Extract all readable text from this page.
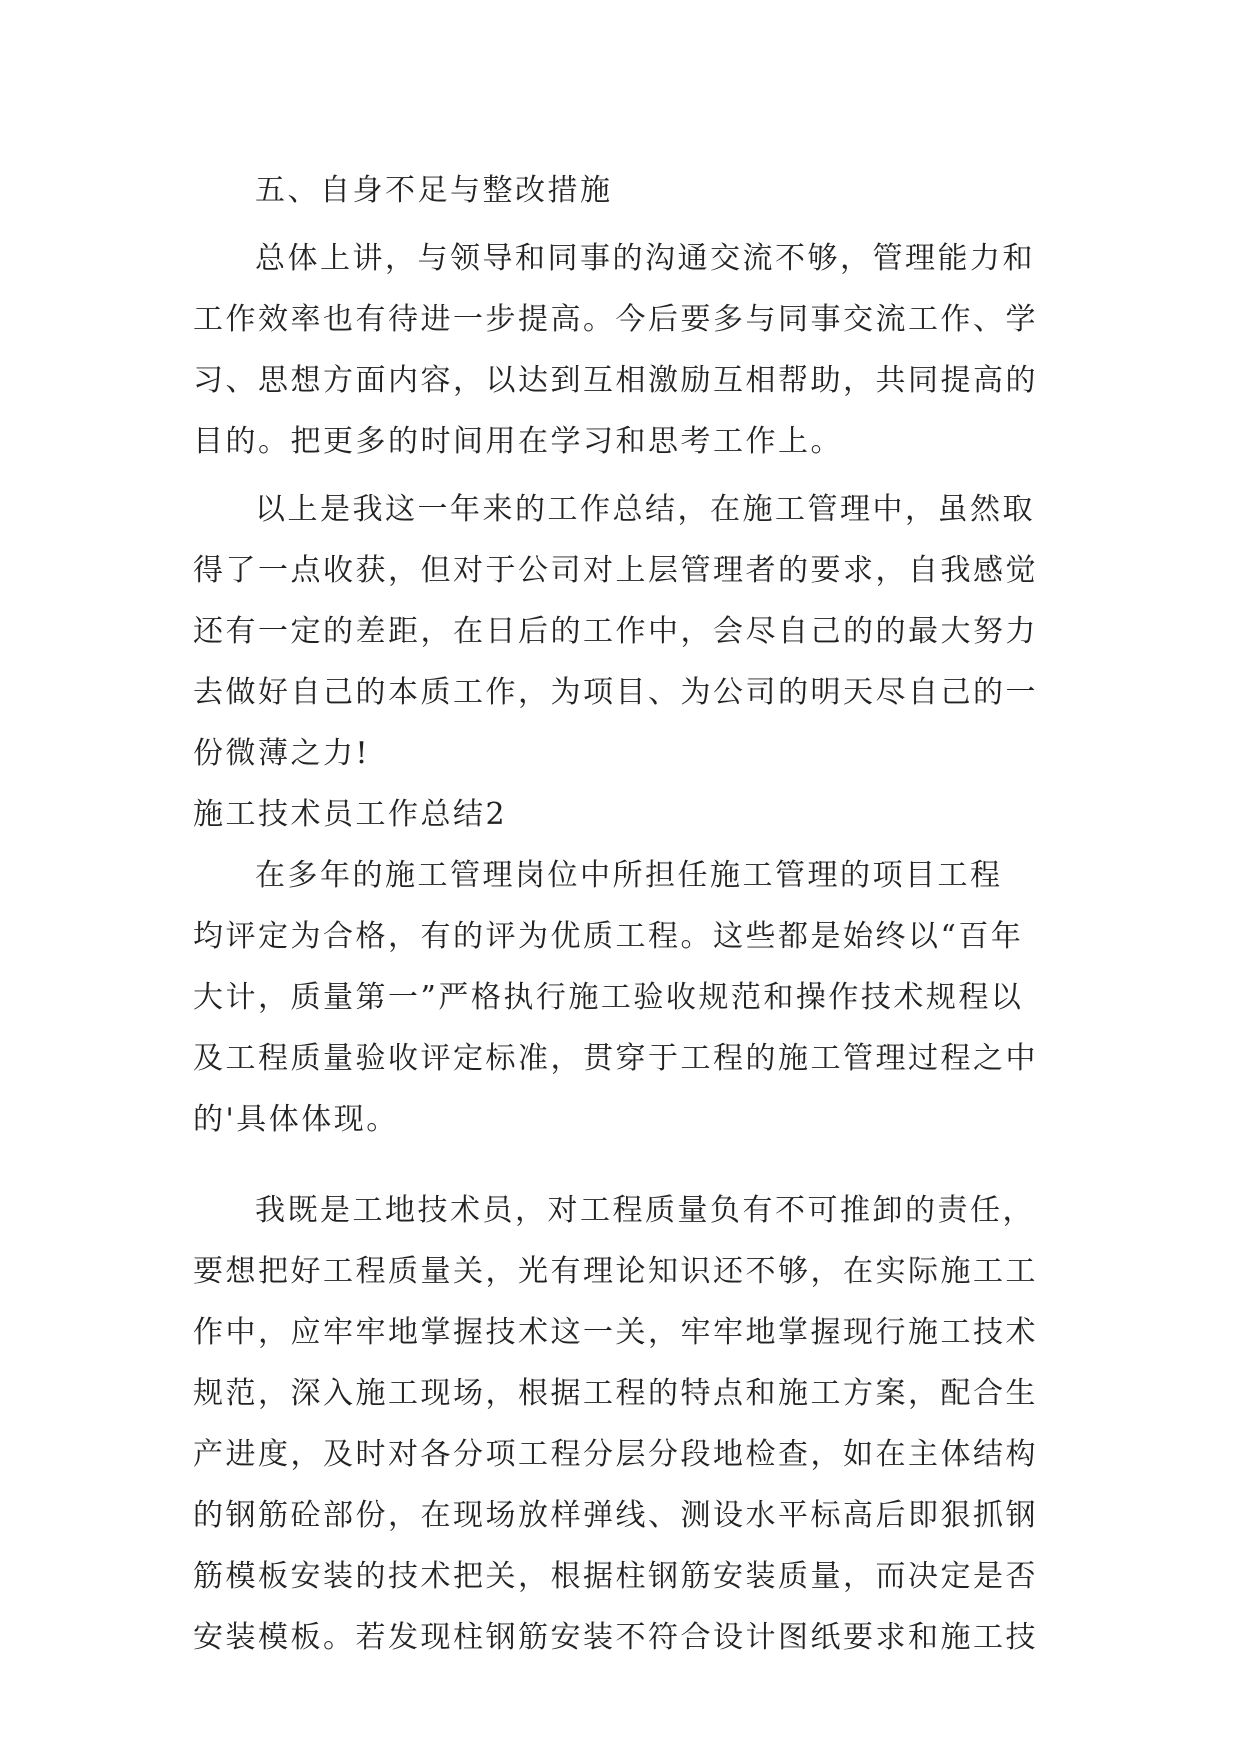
五、自身不足与整改措施

总体上讲，与领导和同事的沟通交流不够，管理能力和

工作效率也有待进一步提高。今后要多与同事交流工作、学

习、思想方面内容，以达到互相激励互相帮助，共同提高的

目的。把更多的时间用在学习和思考工作上。

以上是我这一年来的工作总结，在施工管理中，虽然取

得了一点收获，但对于公司对上层管理者的要求，自我感觉

还有一定的差距，在日后的工作中，会尽自己的的最大努力

去做好自己的本质工作，为项目、为公司的明天尽自己的一

份微薄之力!

施工技术员工作总结2

在多年的施工管理岗位中所担任施工管理的项目工程

均评定为合格，有的评为优质工程。这些都是始终以“百年

大计，质量第一”严格执行施工验收规范和操作技术规程以

及工程质量验收评定标准，贯穿于工程的施工管理过程之中

的'具体体现。

我既是工地技术员，对工程质量负有不可推卸的责任，

要想把好工程质量关，光有理论知识还不够，在实际施工工

作中，应牢牢地掌握技术这一关，牢牢地掌握现行施工技术

规范，深入施工现场，根据工程的特点和施工方案，配合生

产进度，及时对各分项工程分层分段地检查，如在主体结构

的钢筋砼部份，在现场放样弹线、测设水平标高后即狠抓钢

筋模板安装的技术把关，根据柱钢筋安装质量，而决定是否

安装模板。若发现柱钢筋安装不符合设计图纸要求和施工技
